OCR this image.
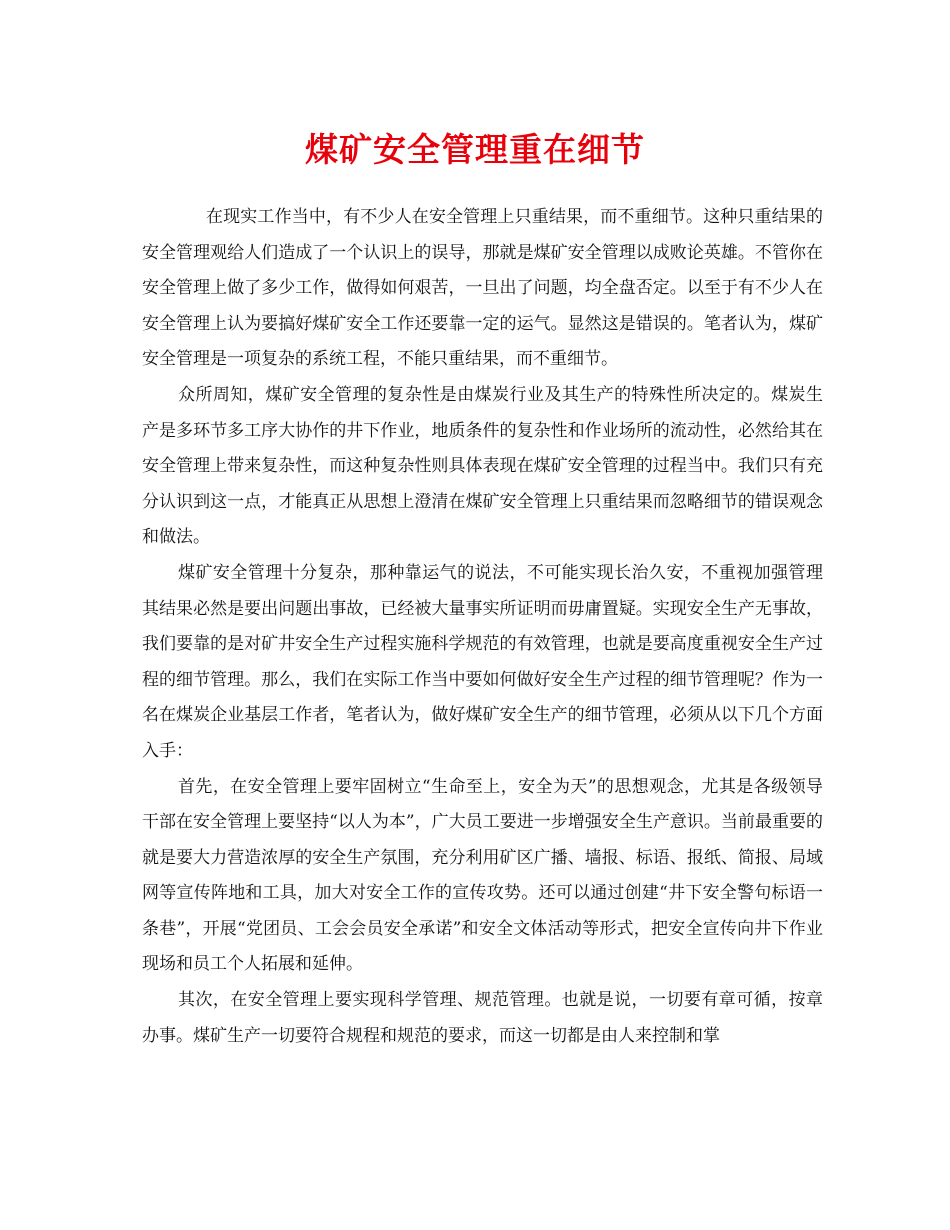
煤矿安全管理重在细节

在现实工作当中，有不少人在安全管理上只重结果，而不重细节。这种只重结果的安全管理观给人们造成了一个认识上的误导，那就是煤矿安全管理以成败论英雄。不管你在安全管理上做了多少工作，做得如何艰苦，一旦出了问题，均全盘否定。以至于有不少人在安全管理上认为要搞好煤矿安全工作还要靠一定的运气。显然这是错误的。笔者认为，煤矿安全管理是一项复杂的系统工程，不能只重结果，而不重细节。

众所周知，煤矿安全管理的复杂性是由煤炭行业及其生产的特殊性所决定的。煤炭生产是多环节多工序大协作的井下作业，地质条件的复杂性和作业场所的流动性，必然给其在安全管理上带来复杂性，而这种复杂性则具体表现在煤矿安全管理的过程当中。我们只有充分认识到这一点，才能真正从思想上澄清在煤矿安全管理上只重结果而忽略细节的错误观念和做法。

煤矿安全管理十分复杂，那种靠运气的说法，不可能实现长治久安，不重视加强管理其结果必然是要出问题出事故，已经被大量事实所证明而毋庸置疑。实现安全生产无事故，我们要靠的是对矿井安全生产过程实施科学规范的有效管理，也就是要高度重视安全生产过程的细节管理。那么，我们在实际工作当中要如何做好安全生产过程的细节管理呢？作为一名在煤炭企业基层工作者，笔者认为，做好煤矿安全生产的细节管理，必须从以下几个方面入手：

首先，在安全管理上要牢固树立“生命至上，安全为天”的思想观念，尤其是各级领导干部在安全管理上要坚持“以人为本”，广大员工要进一步增强安全生产意识。当前最重要的就是要大力营造浓厚的安全生产氛围，充分利用矿区广播、墙报、标语、报纸、简报、局域网等宣传阵地和工具，加大对安全工作的宣传攻势。还可以通过创建“井下安全警句标语一条巷”，开展“党团员、工会会员安全承诺”和安全文体活动等形式，把安全宣传向井下作业现场和员工个人拓展和延伸。

其次，在安全管理上要实现科学管理、规范管理。也就是说，一切要有章可循，按章办事。煤矿生产一切要符合规程和规范的要求，而这一切都是由人来控制和掌
